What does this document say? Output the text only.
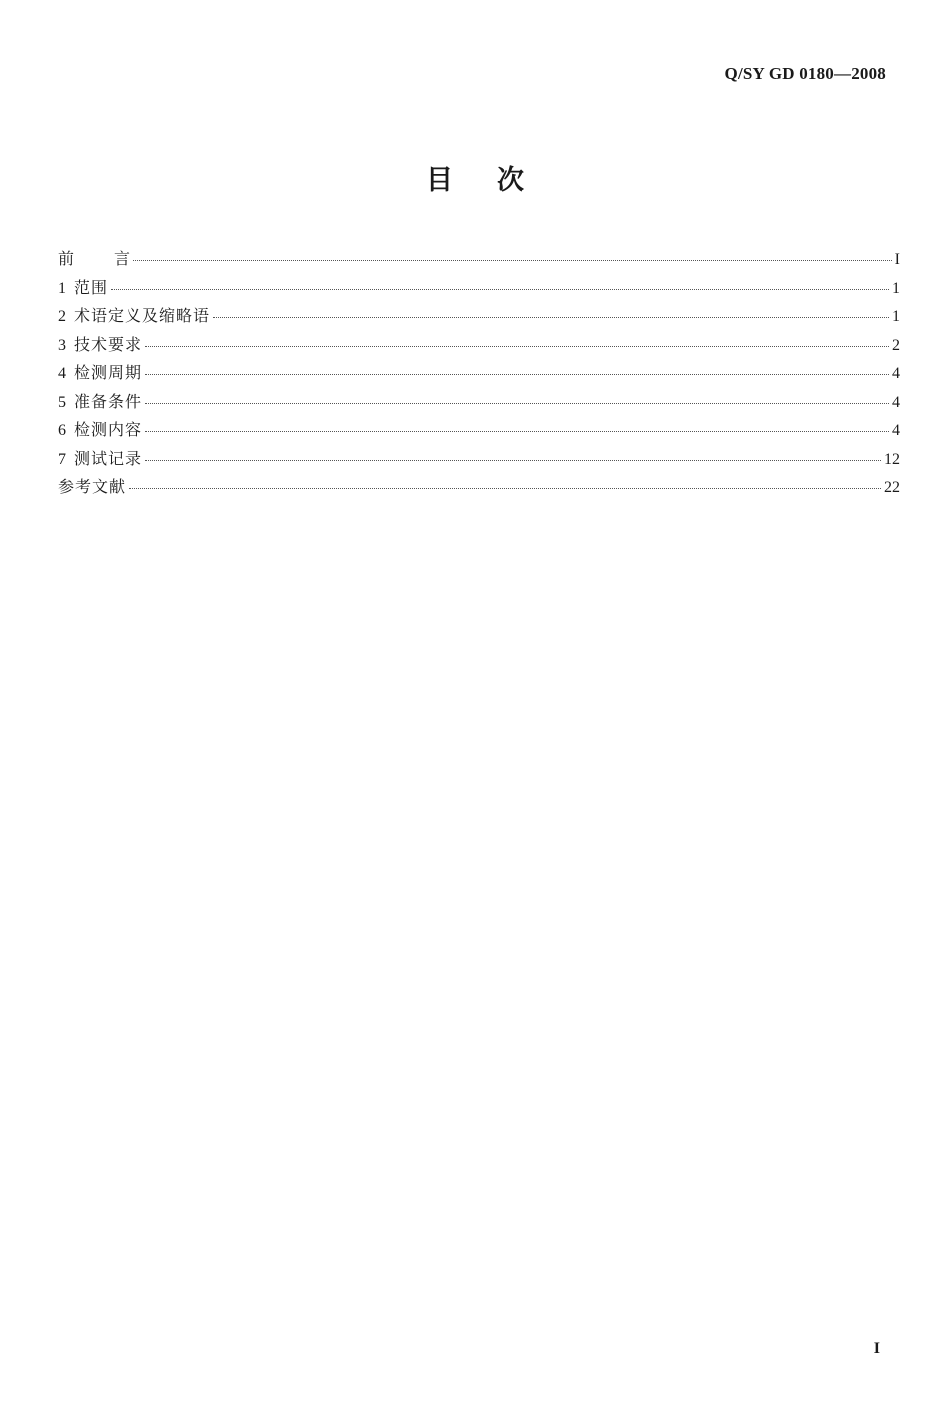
Q/SY GD 0180—2008
目 次
前	言	I
1 范围	1
2 术语定义及缩略语	1
3 技术要求	2
4 检测周期	4
5 准备条件	4
6 检测内容	4
7 测试记录	12
参考文献	22
I
